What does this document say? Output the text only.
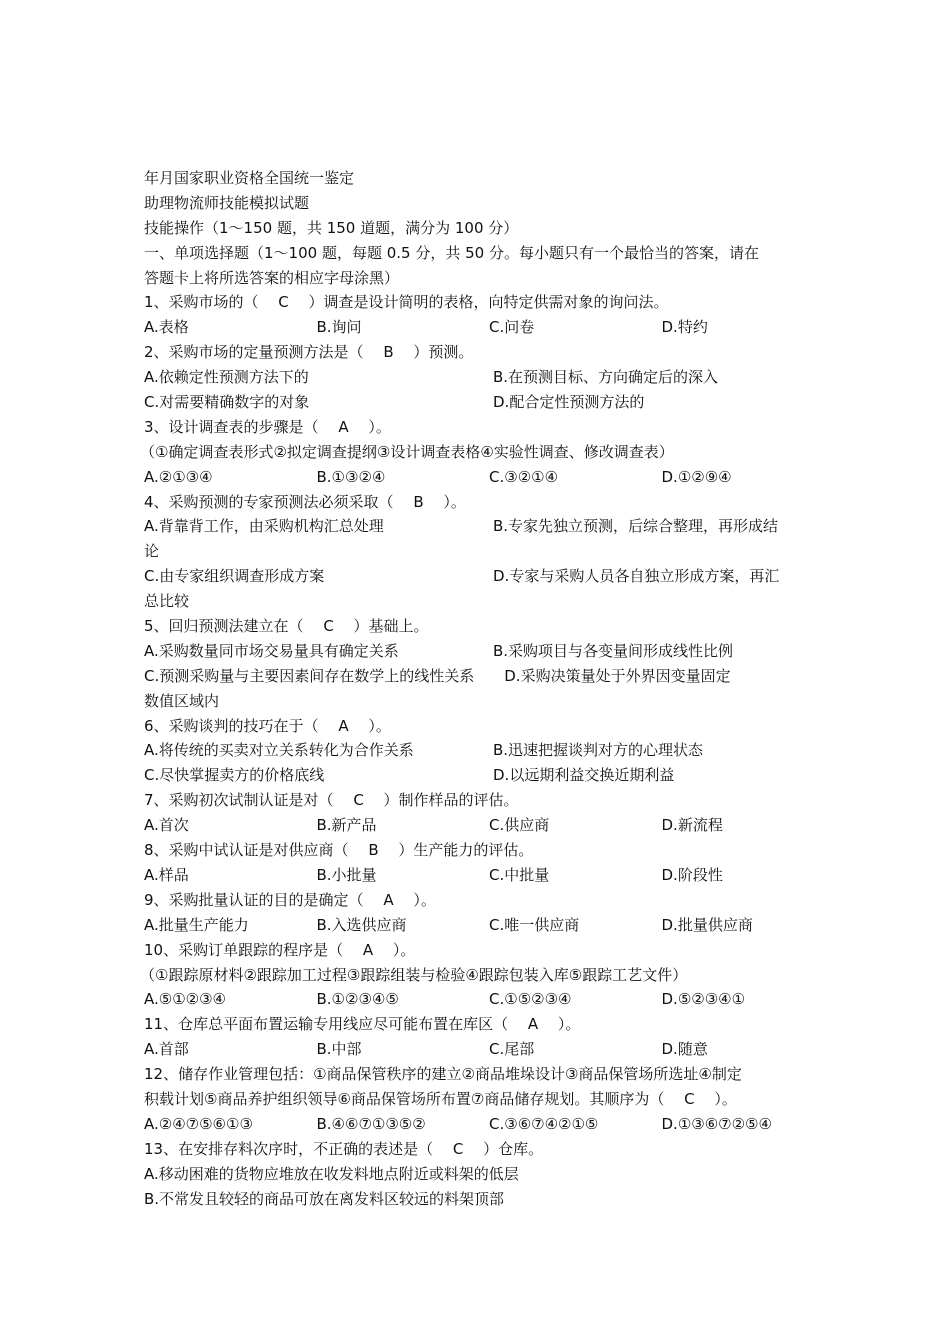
年月国家职业资格全国统一鉴定
助理物流师技能模拟试题
技能操作（1～150 题，共 150 道题，满分为 100 分）
一、单项选择题（1～100 题，每题 0.5 分，共 50 分。每小题只有一个最恰当的答案，请在
答题卡上将所选答案的相应字母涂黑）
1、采购市场的（　 C 　）调查是设计简明的表格，向特定供需对象的询问法。
A.表格	B.询问	C.问卷	D.特约
2、采购市场的定量预测方法是（　 B 　）预测。
A.依赖定性预测方法下的	B.在预测目标、方向确定后的深入
C.对需要精确数字的对象	D.配合定性预测方法的
3、设计调查表的步骤是（　 A 　）。
（①确定调查表形式②拟定调查提纲③设计调查表格④实验性调查、修改调查表）
A.②①③④	B.①③②④	C.③②①④	D.①②⑨④
4、采购预测的专家预测法必须采取（　 B 　）。
A.背靠背工作，由采购机构汇总处理	B.专家先独立预测，后综合整理，再形成结
论
C.由专家组织调查形成方案	D.专家与采购人员各自独立形成方案，再汇
总比较
5、回归预测法建立在（　 C 　）基础上。
A.采购数量同市场交易量具有确定关系	B.采购项目与各变量间形成线性比例
C.预测采购量与主要因素间存在数学上的线性关系　　D.采购决策量处于外界因变量固定
数值区域内
6、采购谈判的技巧在于（　 A 　）。
A.将传统的买卖对立关系转化为合作关系	B.迅速把握谈判对方的心理状态
C.尽快掌握卖方的价格底线	D.以远期利益交换近期利益
7、采购初次试制认证是对（　 C 　）制作样品的评估。
A.首次	B.新产品	C.供应商	D.新流程
8、采购中试认证是对供应商（　 B 　）生产能力的评估。
A.样品	B.小批量	C.中批量	D.阶段性
9、采购批量认证的目的是确定（　 A 　）。
A.批量生产能力	B.入选供应商	C.唯一供应商	D.批量供应商
10、采购订单跟踪的程序是（　 A 　）。
（①跟踪原材料②跟踪加工过程③跟踪组装与检验④跟踪包装入库⑤跟踪工艺文件）
A.⑤①②③④	B.①②③④⑤	C.①⑤②③④	D.⑤②③④①
11、仓库总平面布置运输专用线应尽可能布置在库区（　 A 　）。
A.首部	B.中部	C.尾部	D.随意
12、储存作业管理包括：①商品保管秩序的建立②商品堆垛设计③商品保管场所选址④制定
积载计划⑤商品养护组织领导⑥商品保管场所布置⑦商品储存规划。其顺序为（　 C 　）。
A.②④⑦⑤⑥①③	B.④⑥⑦①③⑤②	C.③⑥⑦④②①⑤	D.①③⑥⑦②⑤④
13、在安排存料次序时，不正确的表述是（　 C 　）仓库。
A.移动困难的货物应堆放在收发料地点附近或料架的低层
B.不常发且较轻的商品可放在离发料区较远的料架顶部
